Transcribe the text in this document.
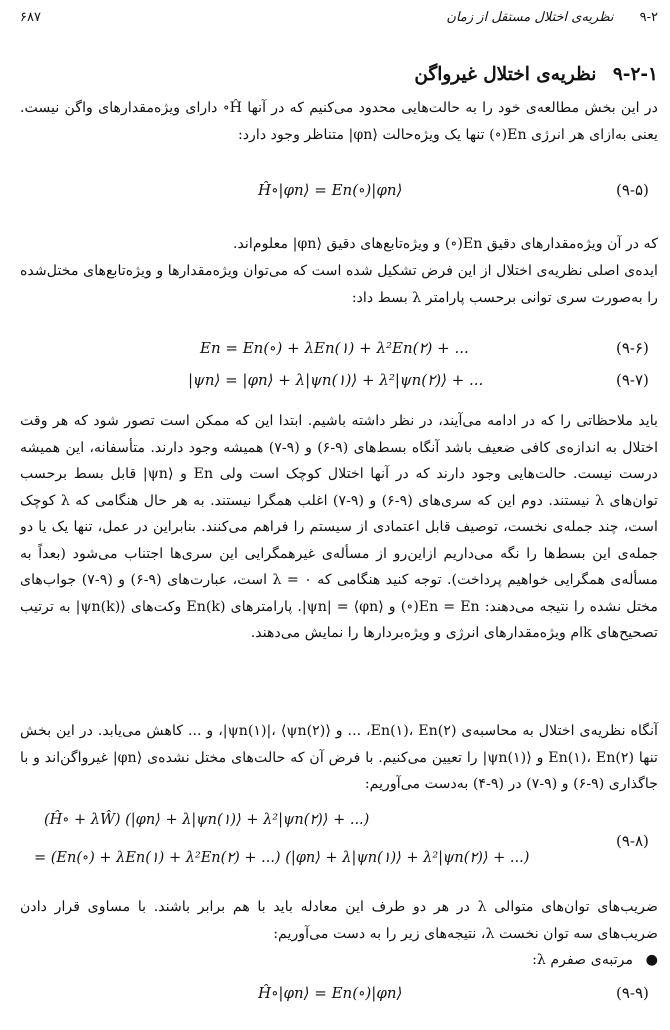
۶۸۷	۹-۲ نظریه‌ی اختلال مستقل از زمان
۹-۲-۱ نظریه‌ی اختلال غیرواگن

در این بخش مطالعه‌ی خود را به حالت‌هایی محدود می‌کنیم که در آنها Ĥ∘ دارای ویژه‌مقدارهای واگن نیست. یعنی به‌ازای هر انرژی En(∘) تنها یک ویژه‌حالت ⟨φn| متناظر وجود دارد:

Ĥ∘|φn⟩ = En(∘)|φn⟩	(۹-۵)

که در آن ویژه‌مقدارهای دقیق En(∘) و ویژه‌تابع‌های دقیق ⟨φn| معلوم‌اند.

ایده‌ی اصلی نظریه‌ی اختلال از این فرض تشکیل شده است که می‌توان ویژه‌مقدارها و ویژه‌تابع‌های مختل‌شده را به‌صورت سری توانی برحسب پارامتر λ بسط داد:

En = En(∘) + λEn(۱) + λ²En(۲) + ...	(۹-۶)
|ψn⟩ = |φn⟩ + λ|ψn(۱)⟩ + λ²|ψn(۲)⟩ + ...	(۹-۷)

باید ملاحظاتی را که در ادامه می‌آیند، در نظر داشته باشیم. ابتدا این که ممکن است تصور شود که هر وقت اختلال به اندازه‌ی کافی ضعیف باشد آنگاه بسط‌های (۹-۶) و (۹-۷) همیشه وجود دارند. متأسفانه، این همیشه درست نیست. حالت‌هایی وجود دارند که در آنها اختلال کوچک است ولی En و ⟨ψn| قابل بسط برحسب توان‌های λ نیستند. دوم این که سری‌های (۹-۶) و (۹-۷) اغلب همگرا نیستند. به هر حال هنگامی که λ کوچک است، چند جمله‌ی نخست، توصیف قابل اعتمادی از سیستم را فراهم می‌کنند. بنابراین در عمل، تنها یک یا دو جمله‌ی این بسط‌ها را نگه می‌داریم ازاین‌رو از مسأله‌ی غیرهمگرایی این سری‌ها اجتناب می‌شود (بعداً به مسأله‌ی همگرایی خواهیم پرداخت). توجه کنید هنگامی که ۰ = λ است، عبارت‌های (۹-۶) و (۹-۷) جواب‌های مختل نشده را نتیجه می‌دهند: En = En(∘) و ⟨ψn| = ⟨φn|. پارامترهای En(k) وکت‌های ⟨ψn(k)| به ترتیب تصحیح‌های kام ویژه‌مقدارهای انرژی و ویژه‌بردارها را نمایش می‌دهند.

آنگاه نظریه‌ی اختلال به محاسبه‌ی En(۱)، En(۲)، ... و ⟨ψn(۱)|، ⟨ψn(۲)|، و ... کاهش می‌یابد. در این بخش تنها En(۱)، En(۲) و ⟨ψn(۱)| را تعیین می‌کنیم. با فرض آن که حالت‌های مختل نشده‌ی ⟨φn| غیرواگن‌اند و با جاگذاری (۹-۶) و (۹-۷) در (۹-۴) به‌دست می‌آوریم:

(Ĥ∘ + λŴ) (|φn⟩ + λ|ψn(۱)⟩ + λ²|ψn(۲)⟩ + ...)
= (En(∘) + λEn(۱) + λ²En(۲) + ...) (|φn⟩ + λ|ψn(۱)⟩ + λ²|ψn(۲)⟩ + ...)
(۹-۸)

ضریب‌های توان‌های متوالی λ در هر دو طرف این معادله باید با هم برابر باشند. با مساوی قرار دادن ضریب‌های سه توان نخست λ، نتیجه‌های زیر را به دست می‌آوریم:

● مرتبه‌ی صفرم λ:
Ĥ∘|φn⟩ = En(∘)|φn⟩	(۹-۹)
